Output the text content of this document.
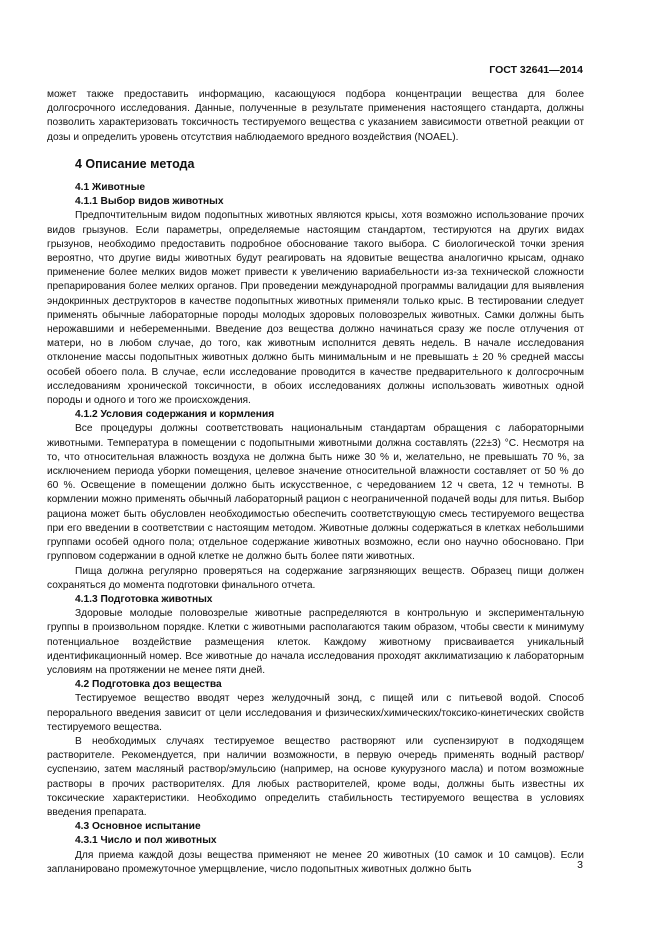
ГОСТ 32641—2014

может также предоставить информацию, касающуюся подбора концентрации вещества для более долгосрочного исследования. Данные, полученные в результате применения настоящего стандарта, должны позволить характеризовать токсичность тестируемого вещества с указанием зависимости ответной реакции от дозы и определить уровень отсутствия наблюдаемого вредного воздействия (NOAEL).

4 Описание метода

4.1 Животные

4.1.1 Выбор видов животных

Предпочтительным видом подопытных животных являются крысы, хотя возможно использование прочих видов грызунов. Если параметры, определяемые настоящим стандартом, тестируются на других видах грызунов, необходимо предоставить подробное обоснование такого выбора. С биологической точки зрения вероятно, что другие виды животных будут реагировать на ядовитые вещества аналогично крысам, однако применение более мелких видов может привести к увеличению вариабельности из-за технической сложности препарирования более мелких органов. При проведении международной программы валидации для выявления эндокринных деструкторов в качестве подопытных животных применяли только крыс. В тестировании следует применять обычные лабораторные породы молодых здоровых половозрелых животных. Самки должны быть нерожавшими и небеременными. Введение доз вещества должно начинаться сразу же после отлучения от матери, но в любом случае, до того, как животным исполнится девять недель. В начале исследования отклонение массы подопытных животных должно быть минимальным и не превышать ± 20 % средней массы особей обоего пола. В случае, если исследование проводится в качестве предварительного к долгосрочным исследованиям хронической токсичности, в обоих исследованиях должны использовать животных одной породы и одного и того же происхождения.

4.1.2 Условия содержания и кормления

Все процедуры должны соответствовать национальным стандартам обращения с лабораторными животными. Температура в помещении с подопытными животными должна составлять (22±3) °С. Несмотря на то, что относительная влажность воздуха не должна быть ниже 30 % и, желательно, не превышать 70 %, за исключением периода уборки помещения, целевое значение относительной влажности составляет от 50 % до 60 %. Освещение в помещении должно быть искусственное, с чередованием 12 ч света, 12 ч темноты. В кормлении можно применять обычный лабораторный рацион с неограниченной подачей воды для питья. Выбор рациона может быть обусловлен необходимостью обеспечить соответствующую смесь тестируемого вещества при его введении в соответствии с настоящим методом. Животные должны содержаться в клетках небольшими группами особей одного пола; отдельное содержание животных возможно, если оно научно обосновано. При групповом содержании в одной клетке не должно быть более пяти животных.

Пища должна регулярно проверяться на содержание загрязняющих веществ. Образец пищи должен сохраняться до момента подготовки финального отчета.

4.1.3 Подготовка животных

Здоровые молодые половозрелые животные распределяются в контрольную и экспериментальную группы в произвольном порядке. Клетки с животными располагаются таким образом, чтобы свести к минимуму потенциальное воздействие размещения клеток. Каждому животному присваивается уникальный идентификационный номер. Все животные до начала исследования проходят акклиматизацию к лабораторным условиям на протяжении не менее пяти дней.

4.2 Подготовка доз вещества

Тестируемое вещество вводят через желудочный зонд, с пищей или с питьевой водой. Способ перорального введения зависит от цели исследования и физических/химических/токсико-кинетических свойств тестируемого вещества.

В необходимых случаях тестируемое вещество растворяют или суспензируют в подходящем растворителе. Рекомендуется, при наличии возможности, в первую очередь применять водный раствор/суспензию, затем масляный раствор/эмульсию (например, на основе кукурузного масла) и потом возможные растворы в прочих растворителях. Для любых растворителей, кроме воды, должны быть известны их токсические характеристики. Необходимо определить стабильность тестируемого вещества в условиях введения препарата.

4.3 Основное испытание

4.3.1 Число и пол животных

Для приема каждой дозы вещества применяют не менее 20 животных (10 самок и 10 самцов). Если запланировано промежуточное умерщвление, число подопытных животных должно быть	3
